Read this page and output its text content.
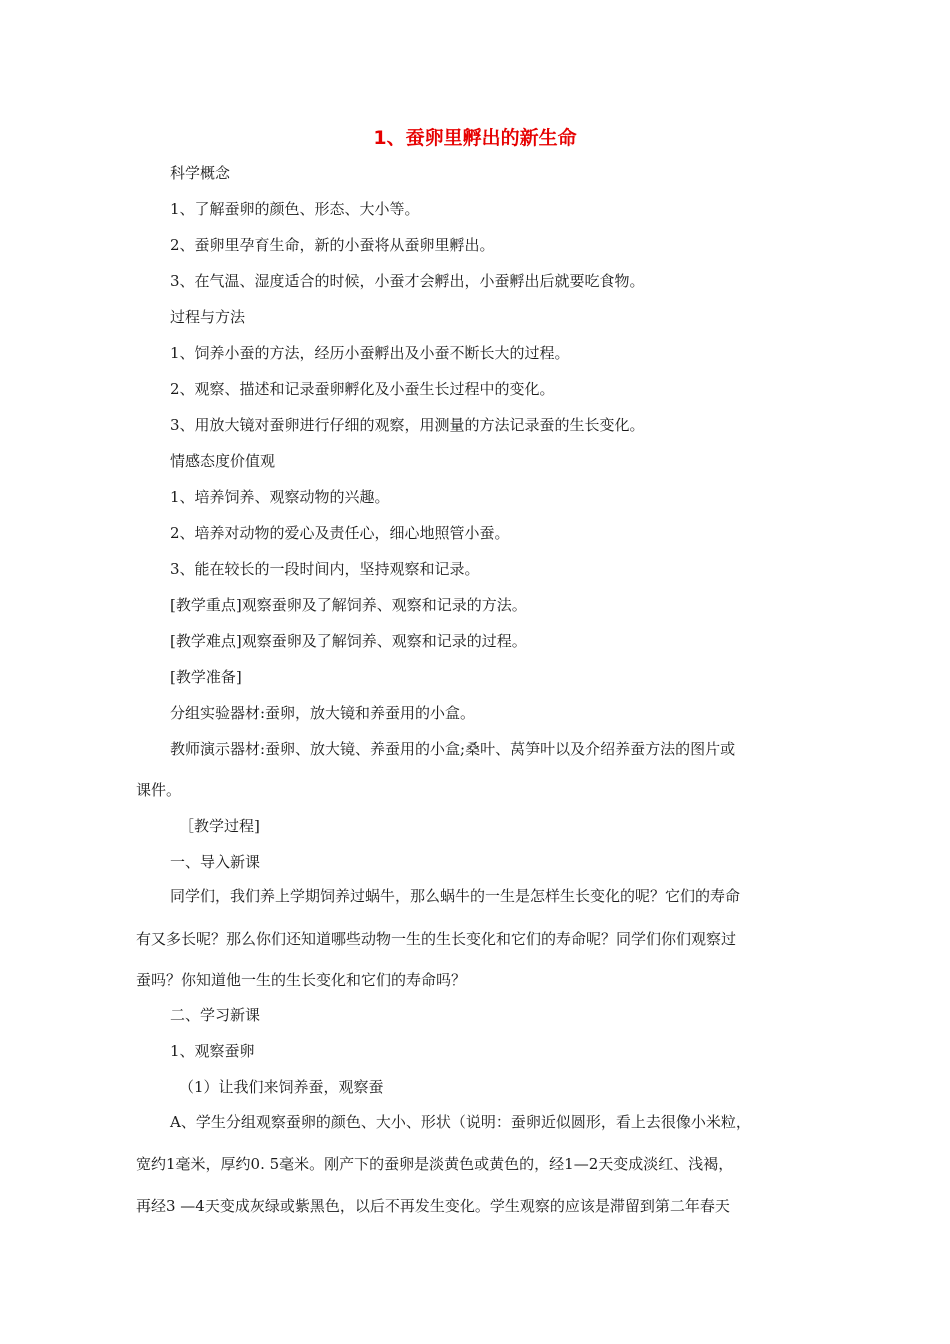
1、蚕卵里孵出的新生命
科学概念
1、了解蚕卵的颜色、形态、大小等。
2、蚕卵里孕育生命，新的小蚕将从蚕卵里孵出。
3、在气温、湿度适合的时候，小蚕才会孵出，小蚕孵出后就要吃食物。
过程与方法
1、饲养小蚕的方法，经历小蚕孵出及小蚕不断长大的过程。
2、观察、描述和记录蚕卵孵化及小蚕生长过程中的变化。
3、用放大镜对蚕卵进行仔细的观察，用测量的方法记录蚕的生长变化。
情感态度价值观
1、培养饲养、观察动物的兴趣。
2、培养对动物的爱心及责任心，细心地照管小蚕。
3、能在较长的一段时间内，坚持观察和记录。
[教学重点]观察蚕卵及了解饲养、观察和记录的方法。
[教学难点]观察蚕卵及了解饲养、观察和记录的过程。
[教学准备]
分组实验器材:蚕卵，放大镜和养蚕用的小盒。
教师演示器材:蚕卵、放大镜、养蚕用的小盒;桑叶、莴笋叶以及介绍养蚕方法的图片或
课件。
［教学过程]
一、导入新课
同学们，我们养上学期饲养过蜗牛，那么蜗牛的一生是怎样生长变化的呢？它们的寿命
有又多长呢？那么你们还知道哪些动物一生的生长变化和它们的寿命呢？同学们你们观察过
蚕吗？你知道他一生的生长变化和它们的寿命吗？
二、学习新课
1、观察蚕卵
（1）让我们来饲养蚕，观察蚕
A、学生分组观察蚕卵的颜色、大小、形状（说明：蚕卵近似圆形，看上去很像小米粒，
宽约1毫米，厚约0. 5毫米。刚产下的蚕卵是淡黄色或黄色的，经1—2天变成淡红、浅褐，
再经3 —4天变成灰绿或紫黑色，以后不再发生变化。学生观察的应该是滞留到第二年春天
